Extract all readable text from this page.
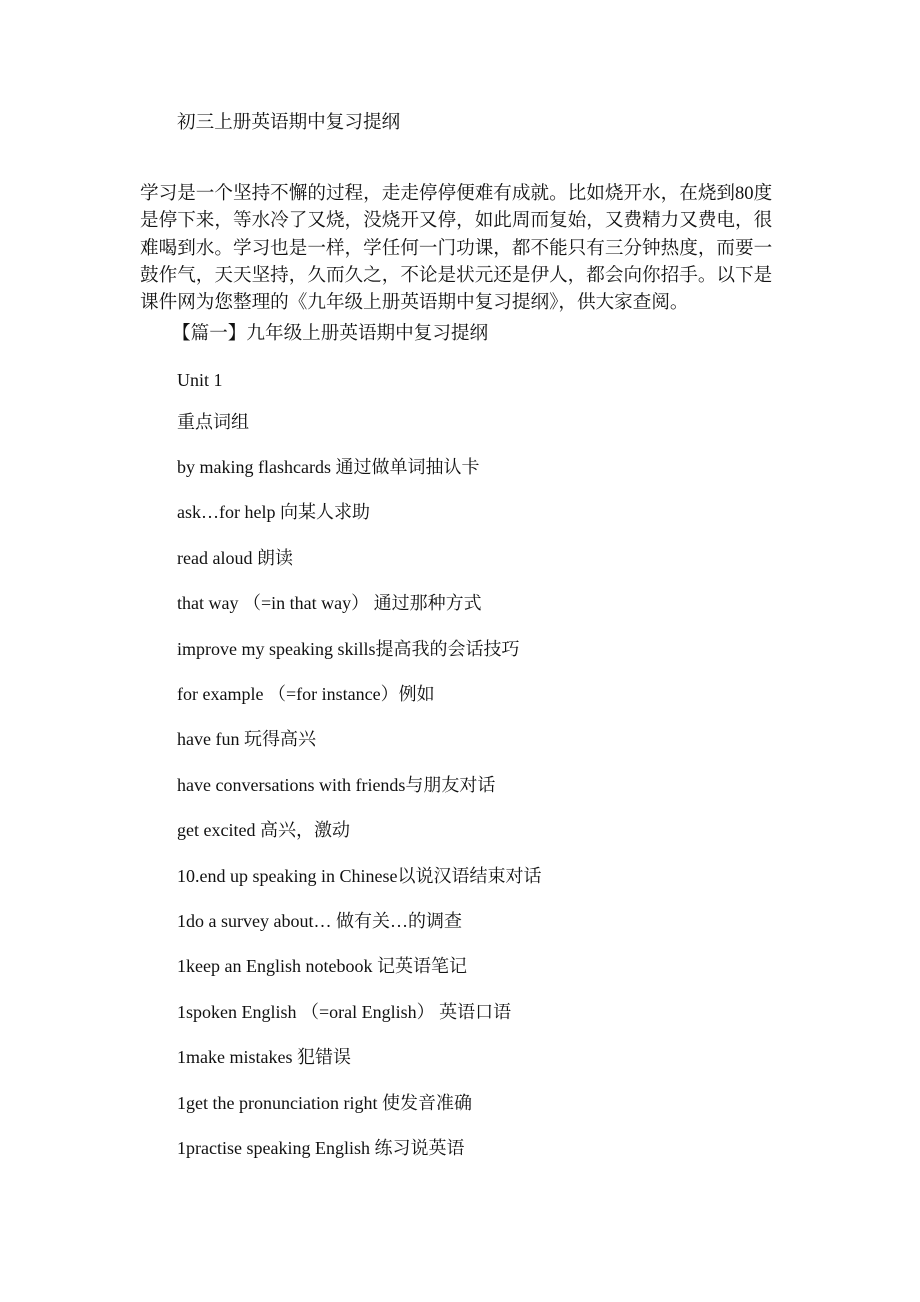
初三上册英语期中复习提纲
学习是一个坚持不懈的过程，走走停停便难有成就。比如烧开水，在烧到80度
是停下来，等水冷了又烧，没烧开又停，如此周而复始，又费精力又费电，很
难喝到水。学习也是一样，学任何一门功课，都不能只有三分钟热度，而要一
鼓作气，天天坚持，久而久之，不论是状元还是伊人，都会向你招手。以下是
课件网为您整理的《九年级上册英语期中复习提纲》，供大家查阅。
【篇一】九年级上册英语期中复习提纲
Unit 1
重点词组
by making flashcards 通过做单词抽认卡
ask…for help 向某人求助
read aloud 朗读
that way （=in that way） 通过那种方式
improve my speaking skills提高我的会话技巧
for example （=for instance）例如
have fun 玩得高兴
have conversations with friends与朋友对话
get excited 高兴，激动
10.end up speaking in Chinese以说汉语结束对话
1do a survey about… 做有关…的调查
1keep an English notebook 记英语笔记
1spoken English （=oral English） 英语口语
1make mistakes 犯错误
1get the pronunciation right 使发音准确
1practise speaking English 练习说英语
